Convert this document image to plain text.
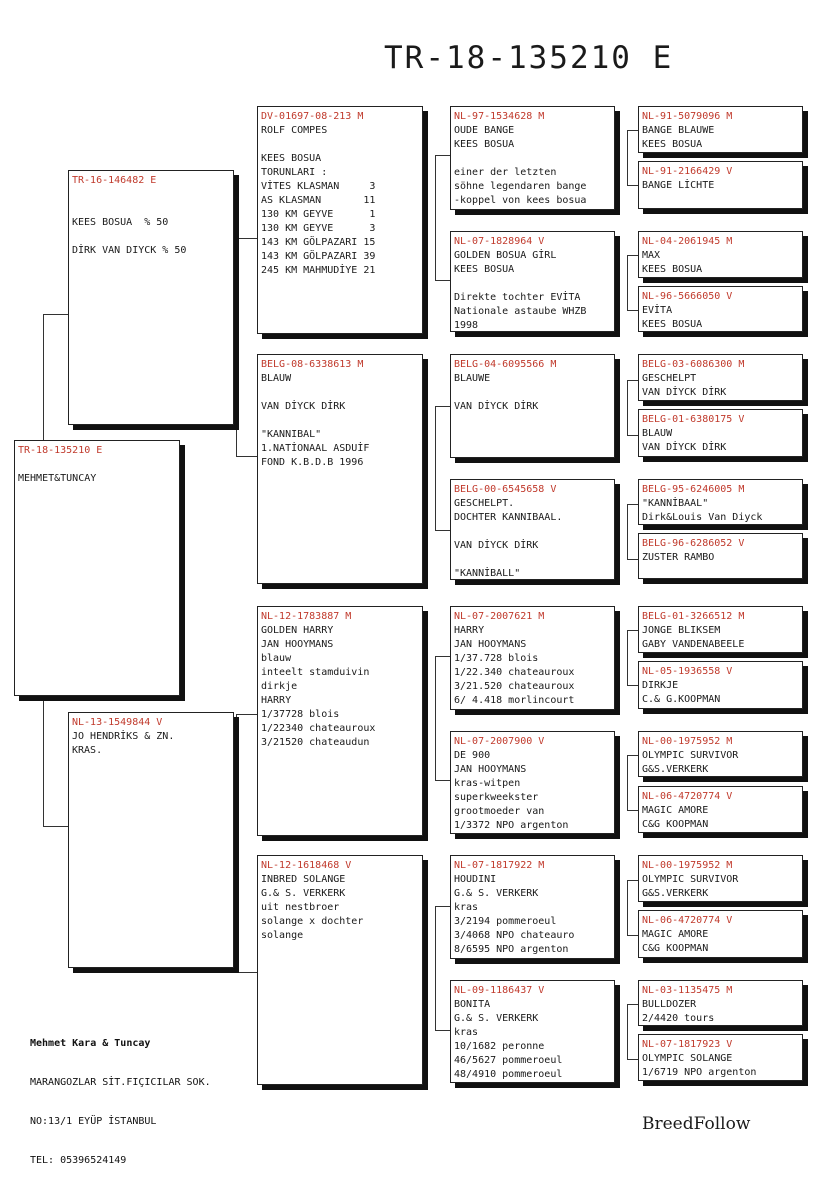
TR-18-135210 E
TR-18-135210 E

MEHMET&TUNCAY
TR-16-146482 E

KEES BOSUA  % 50

DİRK VAN DIYCK % 50
NL-13-1549844 V
JO HENDRİKS & ZN.
KRAS.
DV-01697-08-213 M
ROLF COMPES

KEES BOSUA
TORUNLARI :
VİTES KLASMAN     3
AS KLASMAN       11
130 KM GEYVE      1
130 KM GEYVE      3
143 KM GÖLPAZARI 15
143 KM GÖLPAZARI 39
245 KM MAHMUDİYE 21
BELG-08-6338613 M
BLAUW

VAN DİYCK DİRK

"KANNIBAL"
1.NATİONAAL ASDUİF
FOND K.B.D.B 1996
NL-12-1783887 M
GOLDEN HARRY
JAN HOOYMANS
blauw
inteelt stamduivin
dirkje
HARRY
1/37728 blois
1/22340 chateauroux
3/21520 chateaudun
NL-12-1618468 V
INBRED SOLANGE
G.& S. VERKERK
uit nestbroer
solange x dochter
solange
NL-97-1534628 M
OUDE BANGE
KEES BOSUA

einer der letzten
söhne legendaren bange
-koppel von kees bosua
NL-07-1828964 V
GOLDEN BOSUA GİRL
KEES BOSUA

Direkte tochter EVİTA
Nationale astaube WHZB
1998
BELG-04-6095566 M
BLAUWE

VAN DİYCK DİRK
BELG-00-6545658 V
GESCHELPT.
DOCHTER KANNIBAAL.

VAN DİYCK DİRK

"KANNİBALL"
NL-07-2007621 M
HARRY
JAN HOOYMANS
1/37.728 blois
1/22.340 chateauroux
3/21.520 chateauroux
6/ 4.418 morlincourt
NL-07-2007900 V
DE 900
JAN HOOYMANS
kras-witpen
superkweekster
grootmoeder van
1/3372 NPO argenton
NL-07-1817922 M
HOUDINI
G.& S. VERKERK
kras
3/2194 pommeroeul
3/4068 NPO chateauro
8/6595 NPO argenton
NL-09-1186437 V
BONITA
G.& S. VERKERK
kras
10/1682 peronne
46/5627 pommeroeul
48/4910 pommeroeul
NL-91-5079096 M
BANGE BLAUWE
KEES BOSUA
NL-91-2166429 V
BANGE LİCHTE
NL-04-2061945 M
MAX
KEES BOSUA
NL-96-5666050 V
EVİTA
KEES BOSUA
BELG-03-6086300 M
GESCHELPT
VAN DİYCK DİRK
BELG-01-6380175 V
BLAUW
VAN DİYCK DİRK
BELG-95-6246005 M
"KANNİBAAL"
Dirk&Louis Van Diyck
BELG-96-6286052 V
ZUSTER RAMBO
BELG-01-3266512 M
JONGE BLIKSEM
GABY VANDENABEELE
NL-05-1936558 V
DIRKJE
C.& G.KOOPMAN
NL-00-1975952 M
OLYMPIC SURVIVOR
G&S.VERKERK
NL-06-4720774 V
MAGIC AMORE
C&G KOOPMAN
NL-00-1975952 M
OLYMPIC SURVIVOR
G&S.VERKERK
NL-06-4720774 V
MAGIC AMORE
C&G KOOPMAN
NL-03-1135475 M
BULLDOZER
2/4420 tours
NL-07-1817923 V
OLYMPIC SOLANGE
1/6719 NPO argenton

Mehmet Kara & Tuncay

MARANGOZLAR SİT.FIÇICILAR SOK.

NO:13/1 EYÜP İSTANBUL

TEL: 05396524149

BreedFollow
